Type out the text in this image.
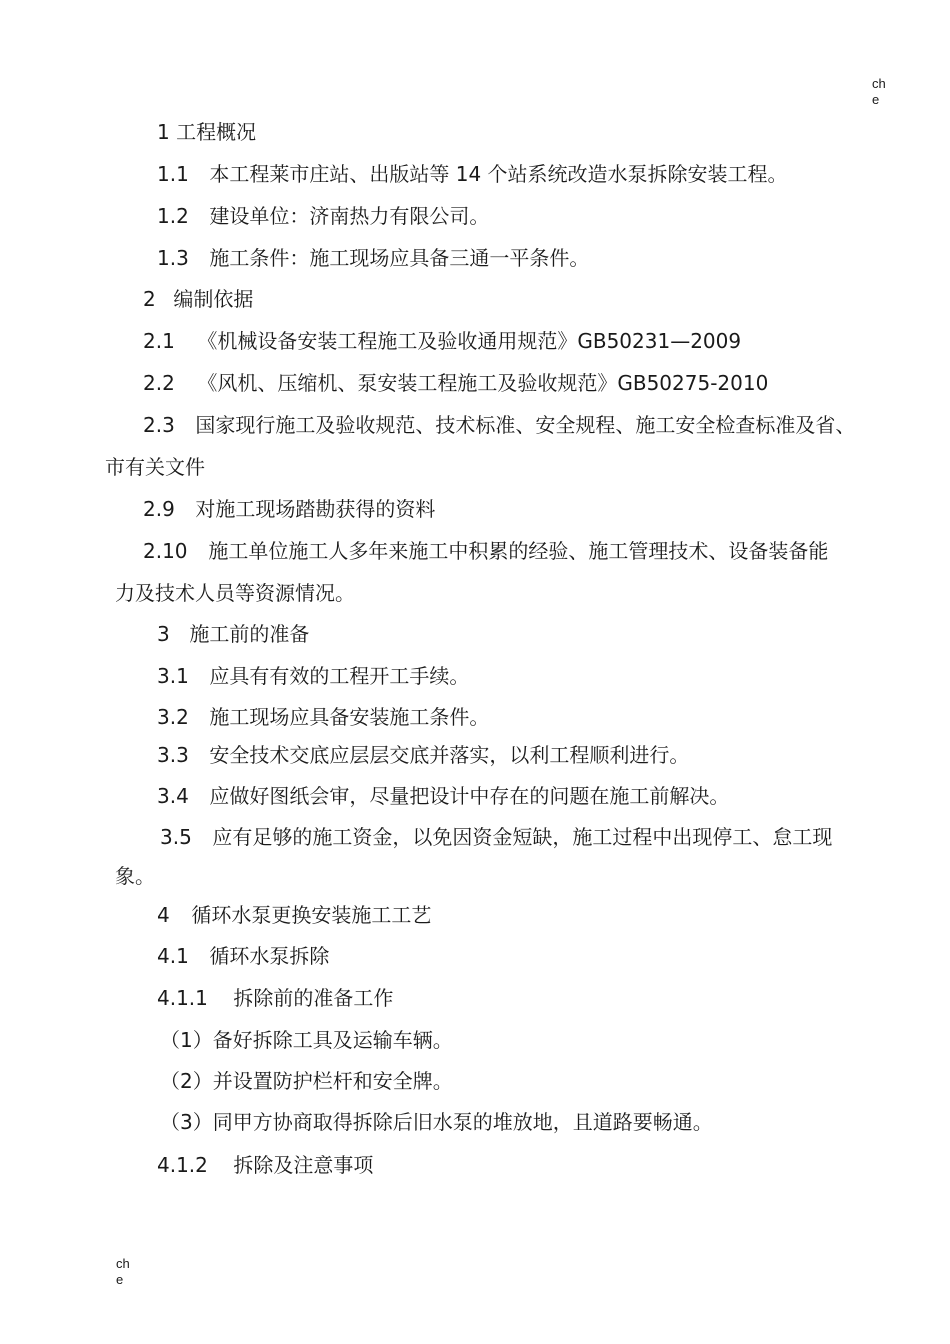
ch e
1 工程概况
1.1 本工程莱市庄站、出版站等 14 个站系统改造水泵拆除安装工程。
1.2 建设单位：济南热力有限公司。
1.3 施工条件：施工现场应具备三通一平条件。
2 编制依据
2.1 《机械设备安装工程施工及验收通用规范》GB50231—2009
2.2 《风机、压缩机、泵安装工程施工及验收规范》GB50275-2010
2.3 国家现行施工及验收规范、技术标准、安全规程、施工安全检查标准及省、
市有关文件
2.9 对施工现场踏勘获得的资料
2.10 施工单位施工人多年来施工中积累的经验、施工管理技术、设备装备能
力及技术人员等资源情况。
3 施工前的准备
3.1 应具有有效的工程开工手续。
3.2 施工现场应具备安装施工条件。
3.3 安全技术交底应层层交底并落实，以利工程顺利进行。
3.4 应做好图纸会审，尽量把设计中存在的问题在施工前解决。
3.5 应有足够的施工资金，以免因资金短缺，施工过程中出现停工、怠工现
象。
4 循环水泵更换安装施工工艺
4.1 循环水泵拆除
4.1.1 拆除前的准备工作
（1）备好拆除工具及运输车辆。
（2）并设置防护栏杆和安全牌。
（3）同甲方协商取得拆除后旧水泵的堆放地，且道路要畅通。
4.1.2 拆除及注意事项
ch e
